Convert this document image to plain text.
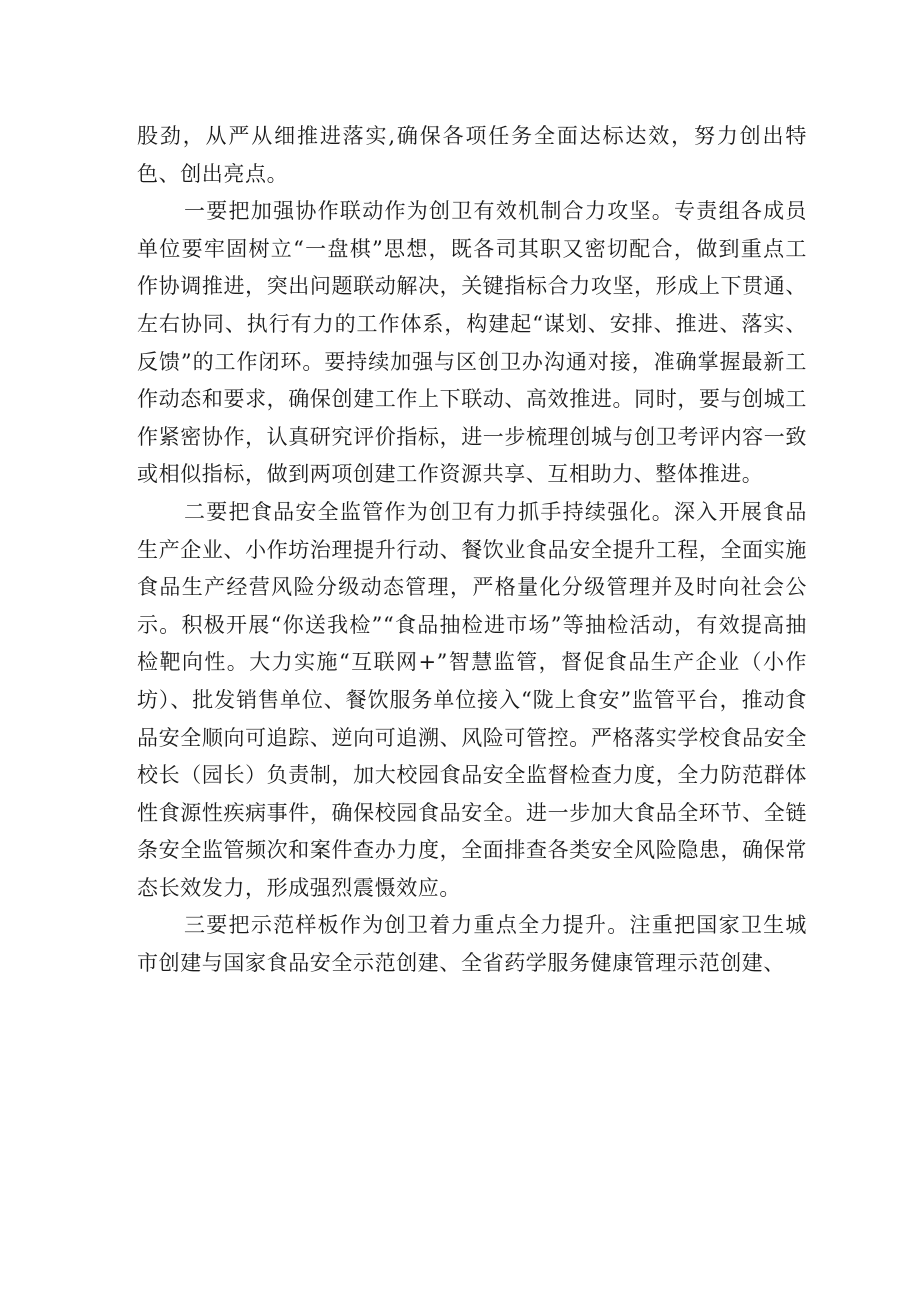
股劲，从严从细推进落实,确保各项任务全面达标达效，努力创出特色、创出亮点。

一要把加强协作联动作为创卫有效机制合力攻坚。专责组各成员单位要牢固树立“一盘棋”思想，既各司其职又密切配合，做到重点工作协调推进，突出问题联动解决，关键指标合力攻坚，形成上下贯通、左右协同、执行有力的工作体系，构建起“谋划、安排、推进、落实、反馈”的工作闭环。要持续加强与区创卫办沟通对接，准确掌握最新工作动态和要求，确保创建工作上下联动、高效推进。同时，要与创城工作紧密协作，认真研究评价指标，进一步梳理创城与创卫考评内容一致或相似指标，做到两项创建工作资源共享、互相助力、整体推进。

二要把食品安全监管作为创卫有力抓手持续强化。深入开展食品生产企业、小作坊治理提升行动、餐饮业食品安全提升工程，全面实施食品生产经营风险分级动态管理，严格量化分级管理并及时向社会公示。积极开展“你送我检”“食品抽检进市场”等抽检活动，有效提高抽检靶向性。大力实施“互联网+”智慧监管，督促食品生产企业（小作坊）、批发销售单位、餐饮服务单位接入“陇上食安”监管平台，推动食品安全顺向可追踪、逆向可追溯、风险可管控。严格落实学校食品安全校长（园长）负责制，加大校园食品安全监督检查力度，全力防范群体性食源性疾病事件，确保校园食品安全。进一步加大食品全环节、全链条安全监管频次和案件查办力度，全面排查各类安全风险隐患，确保常态长效发力，形成强烈震慑效应。

三要把示范样板作为创卫着力重点全力提升。注重把国家卫生城市创建与国家食品安全示范创建、全省药学服务健康管理示范创建、
